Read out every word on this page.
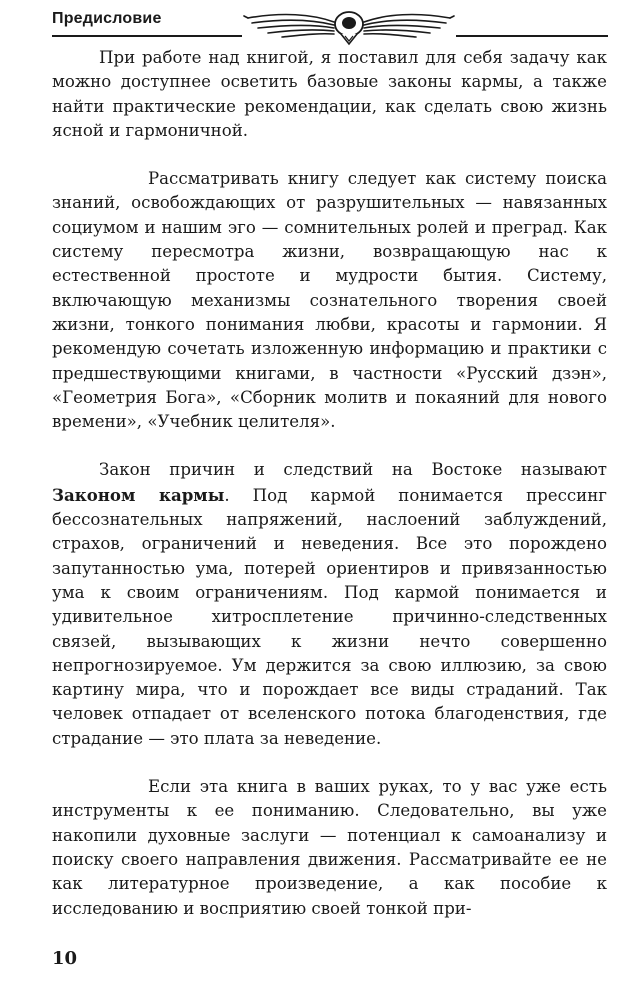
Предисловие

При работе над книгой, я поставил для себя задачу как можно доступнее осветить базовые законы кармы, а также найти практические рекомендации, как сделать свою жизнь ясной и гармоничной.

Рассматривать книгу следует как систему поиска знаний, освобождающих от разрушительных — навязанных социумом и нашим эго — сомнительных ролей и преград. Как систему пересмотра жизни, возвращающую нас к естественной простоте и мудрости бытия. Систему, включающую механизмы сознательного творения своей жизни, тонкого понимания любви, красоты и гармонии. Я рекомендую сочетать изложенную информацию и практики с предшествующими книгами, в частности «Русский дзэн», «Геометрия Бога», «Сборник молитв и покаяний для нового времени», «Учебник целителя».

Закон причин и следствий на Востоке называют Законом кармы. Под кармой понимается прессинг бессознательных напряжений, наслоений заблуждений, страхов, ограничений и неведения. Все это порождено запутанностью ума, потерей ориентиров и привязанностью ума к своим ограничениям. Под кармой понимается и удивительное хитросплетение причинно-следственных связей, вызывающих к жизни нечто совершенно непрогнозируемое. Ум держится за свою иллюзию, за свою картину мира, что и порождает все виды страданий. Так человек отпадает от вселенского потока благоденствия, где страдание — это плата за неведение.

Если эта книга в ваших руках, то у вас уже есть инструменты к ее пониманию. Следовательно, вы уже накопили духовные заслуги — потенциал к самоанализу и поиску своего направления движения. Рассматривайте ее не как литературное произведение, а как пособие к исследованию и восприятию своей тонкой при-

10
